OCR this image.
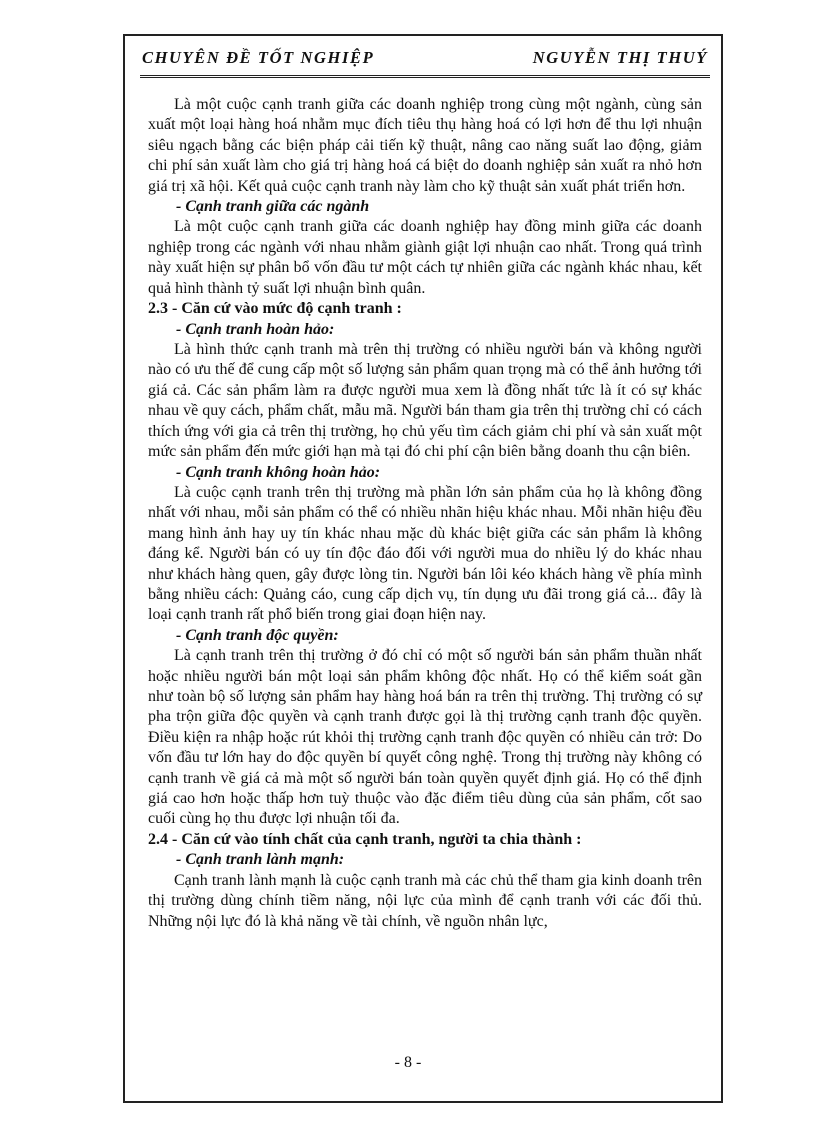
CHUYÊN ĐỀ TỐT NGHIỆP	NGUYỄN THỊ THUÝ

Là một cuộc cạnh tranh giữa các doanh nghiệp trong cùng một ngành, cùng sản xuất một loại hàng hoá nhằm mục đích tiêu thụ hàng hoá có lợi hơn để thu lợi nhuận siêu ngạch bằng các biện pháp cải tiến kỹ thuật, nâng cao năng suất lao động, giảm chi phí sản xuất làm cho giá trị hàng hoá cá biệt do doanh nghiệp sản xuất ra nhỏ hơn giá trị xã hội. Kết quả cuộc cạnh tranh này làm cho kỹ thuật sản xuất phát triển hơn.

- Cạnh tranh giữa các ngành

Là một cuộc cạnh tranh giữa các doanh nghiệp hay đồng minh giữa các doanh nghiệp trong các ngành với nhau nhằm giành giật lợi nhuận cao nhất. Trong quá trình này xuất hiện sự phân bổ vốn đầu tư một cách tự nhiên giữa các ngành khác nhau, kết quả hình thành tỷ suất lợi nhuận bình quân.

2.3 - Căn cứ vào mức độ cạnh tranh :
- Cạnh tranh hoàn hảo:

Là hình thức cạnh tranh mà trên thị trường có nhiều người bán và không người nào có ưu thế để cung cấp một số lượng sản phẩm quan trọng mà có thể ảnh hưởng tới giá cả. Các sản phẩm làm ra được người mua xem là đồng nhất tức là ít có sự khác nhau về quy cách, phẩm chất, mẫu mã. Người bán tham gia trên thị trường chỉ có cách thích ứng với gia cả trên thị trường, họ chủ yếu tìm cách giảm chi phí và sản xuất một mức sản phẩm đến mức giới hạn mà tại đó chi phí cận biên bằng doanh thu cận biên.

- Cạnh tranh không hoàn hảo:

Là cuộc cạnh tranh trên thị trường mà phần lớn sản phẩm của họ là không đồng nhất với nhau, mỗi sản phẩm có thể có nhiều nhãn hiệu khác nhau. Mỗi nhãn hiệu đều mang hình ảnh hay uy tín khác nhau mặc dù khác biệt giữa các sản phẩm là không đáng kể. Người bán có uy tín độc đáo đối với người mua do nhiều lý do khác nhau như khách hàng quen, gây được lòng tin. Người bán lôi kéo khách hàng về phía mình bằng nhiều cách: Quảng cáo, cung cấp dịch vụ, tín dụng ưu đãi trong giá cả... đây là loại cạnh tranh rất phổ biến trong giai đoạn hiện nay.

- Cạnh tranh độc quyền:

Là cạnh tranh trên thị trường ở đó chỉ có một số người bán sản phẩm thuần nhất hoặc nhiều người bán một loại sản phẩm không độc nhất. Họ có thể kiểm soát gần như toàn bộ số lượng sản phẩm hay hàng hoá bán ra trên thị trường. Thị trường có sự pha trộn giữa độc quyền và cạnh tranh được gọi là thị trường cạnh tranh độc quyền. Điều kiện ra nhập hoặc rút khỏi thị trường cạnh tranh độc quyền có nhiều cản trở: Do vốn đầu tư lớn hay do độc quyền bí quyết công nghệ. Trong thị trường này không có cạnh tranh về giá cả mà một số người bán toàn quyền quyết định giá. Họ có thể định giá cao hơn hoặc thấp hơn tuỳ thuộc vào đặc điểm tiêu dùng của sản phẩm, cốt sao cuối cùng họ thu được lợi nhuận tối đa.

2.4 - Căn cứ vào tính chất của cạnh tranh, người ta chia thành :
- Cạnh tranh lành mạnh:

Cạnh tranh lành mạnh là cuộc cạnh tranh mà các chủ thể tham gia kinh doanh trên thị trường dùng chính tiềm năng, nội lực của mình để cạnh tranh với các đối thủ. Những nội lực đó là khả năng về tài chính, về nguồn nhân lực,

- 8 -
